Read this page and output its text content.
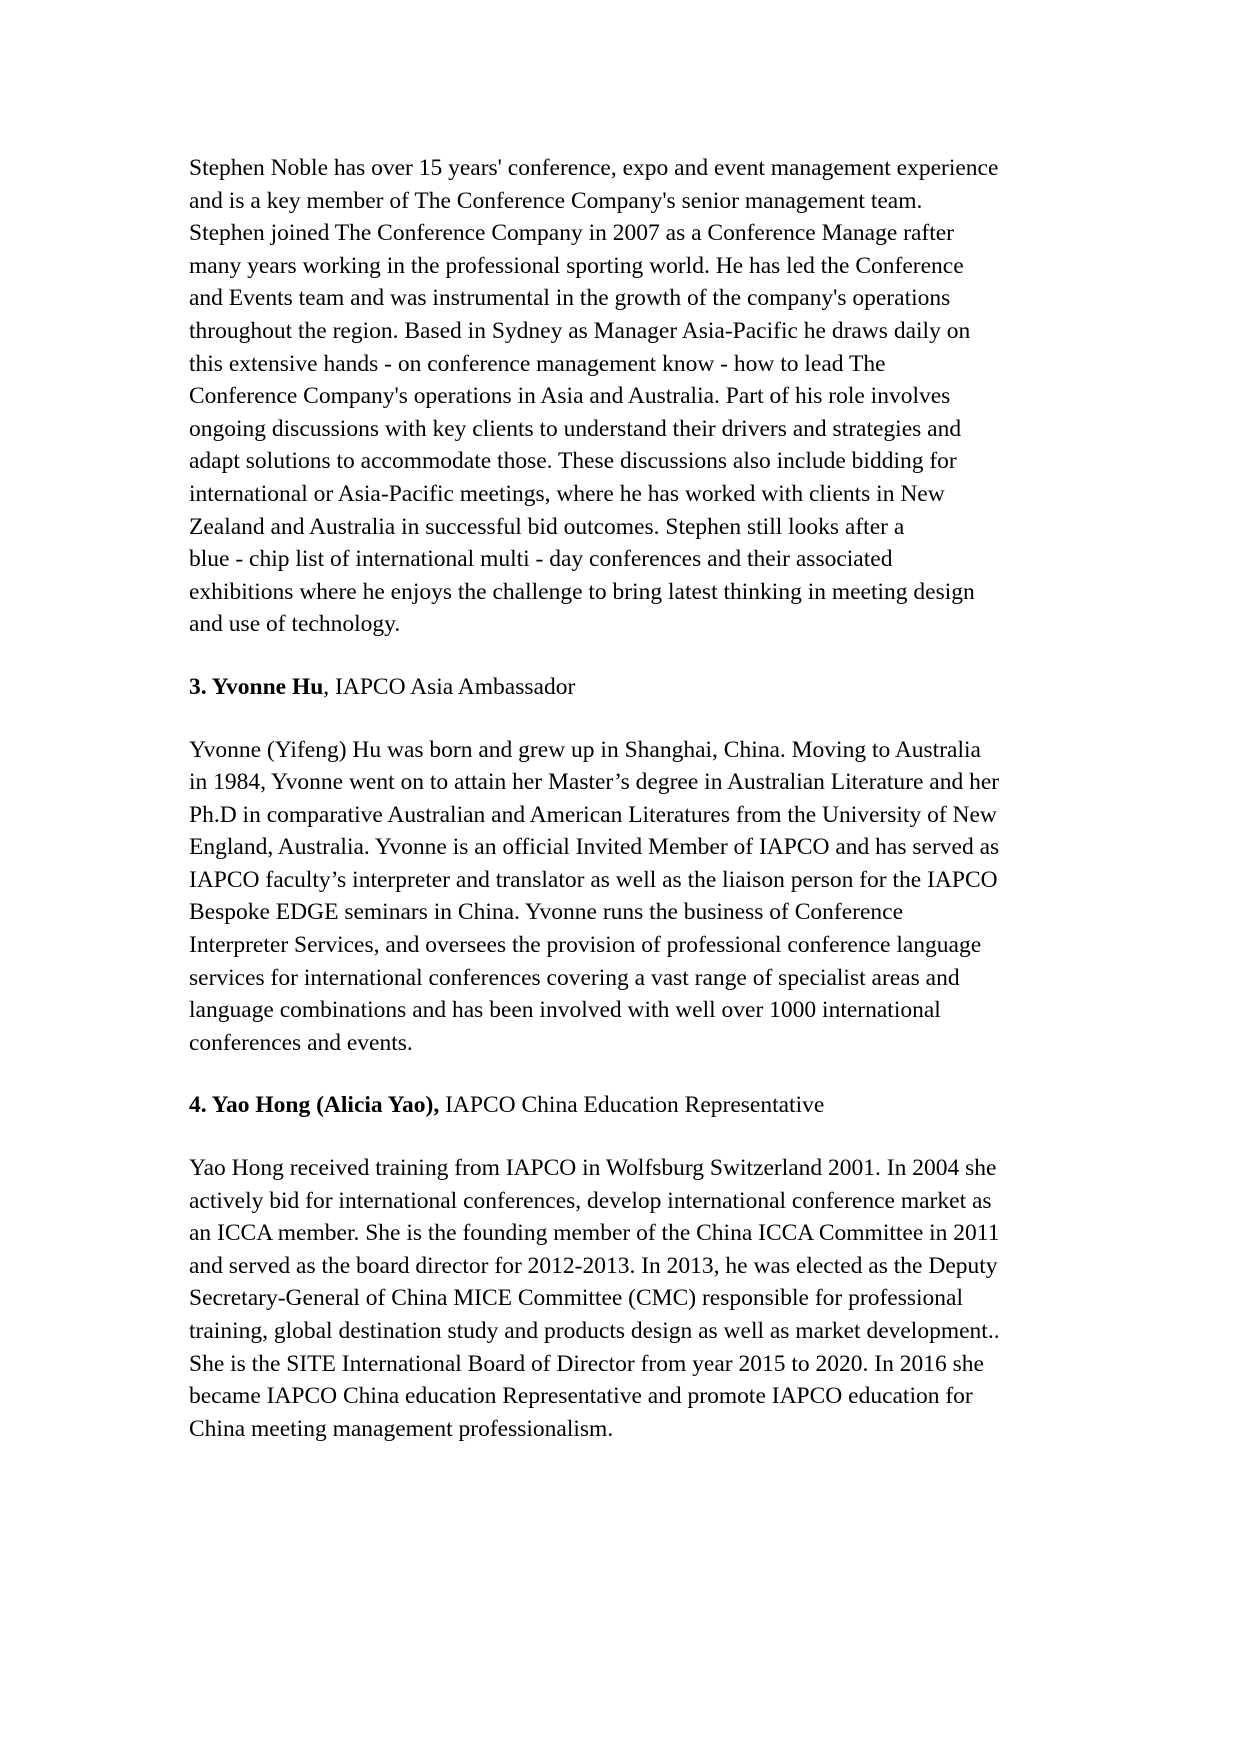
Stephen Noble has over 15 years' conference, expo and event management experience
and is a key member of The Conference Company's senior management team.
Stephen joined The Conference Company in 2007 as a Conference Manage rafter
many years working in the professional sporting world. He has led the Conference
and Events team and was instrumental in the growth of the company's operations
throughout the region. Based in Sydney as Manager Asia-Pacific he draws daily on
this extensive hands ‑ on conference management know ‑ how to lead The
Conference Company's operations in Asia and Australia. Part of his role involves
ongoing discussions with key clients to understand their drivers and strategies and
adapt solutions to accommodate those. These discussions also include bidding for
international or Asia-Pacific meetings, where he has worked with clients in New
Zealand and Australia in successful bid outcomes. Stephen still looks after a
blue ‑ chip list of international multi ‑ day conferences and their associated
exhibitions where he enjoys the challenge to bring latest thinking in meeting design
and use of technology.

3. Yvonne Hu, IAPCO Asia Ambassador

Yvonne (Yifeng) Hu was born and grew up in Shanghai, China. Moving to Australia
in 1984, Yvonne went on to attain her Master’s degree in Australian Literature and her
Ph.D in comparative Australian and American Literatures from the University of New
England, Australia. Yvonne is an official Invited Member of IAPCO and has served as
IAPCO faculty’s interpreter and translator as well as the liaison person for the IAPCO
Bespoke EDGE seminars in China. Yvonne runs the business of Conference
Interpreter Services, and oversees the provision of professional conference language
services for international conferences covering a vast range of specialist areas and
language combinations and has been involved with well over 1000 international
conferences and events.

4. Yao Hong (Alicia Yao), IAPCO China Education Representative

Yao Hong received training from IAPCO in Wolfsburg Switzerland 2001. In 2004 she
actively bid for international conferences, develop international conference market as
an ICCA member. She is the founding member of the China ICCA Committee in 2011
and served as the board director for 2012-2013. In 2013, he was elected as the Deputy
Secretary-General of China MICE Committee (CMC) responsible for professional
training, global destination study and products design as well as market development..
She is the SITE International Board of Director from year 2015 to 2020. In 2016 she
became IAPCO China education Representative and promote IAPCO education for
China meeting management professionalism.
